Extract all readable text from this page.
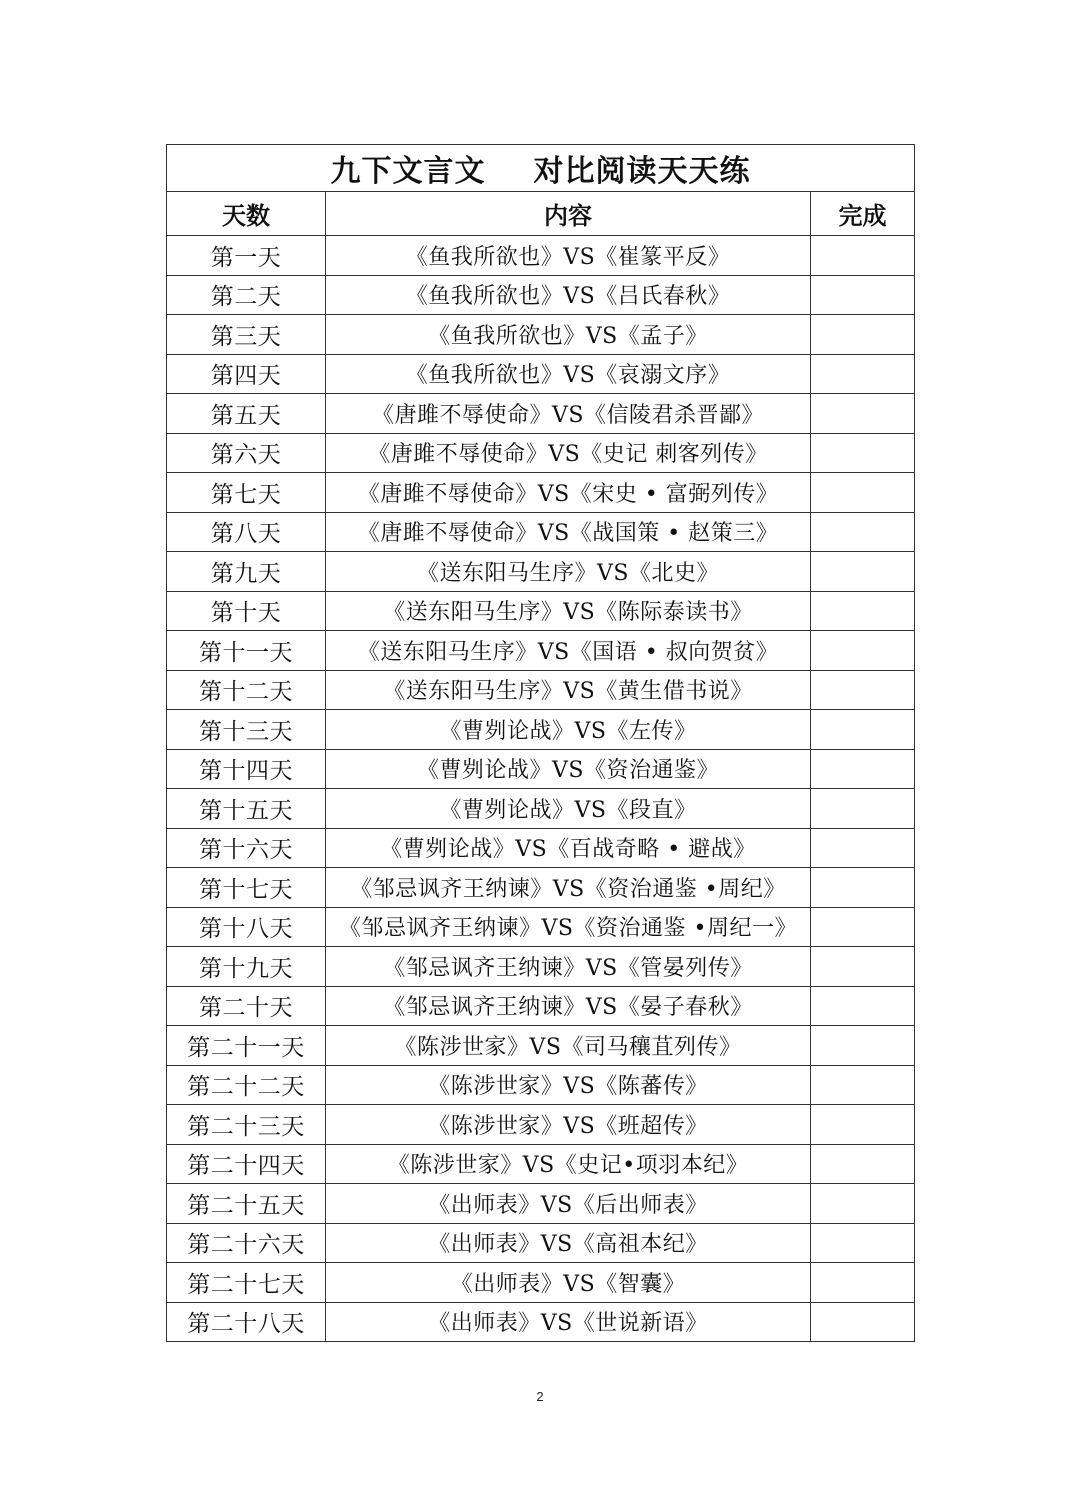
九下文言文 对比阅读天天练		
天数	内容	完成
第一天	《鱼我所欲也》VS《崔篆平反》	
第二天	《鱼我所欲也》VS《吕氏春秋》	
第三天	《鱼我所欲也》VS《孟子》	
第四天	《鱼我所欲也》VS《哀溺文序》	
第五天	《唐雎不辱使命》VS《信陵君杀晋鄙》	
第六天	《唐雎不辱使命》VS《史记 刺客列传》	
第七天	《唐雎不辱使命》VS《宋史 • 富弼列传》	
第八天	《唐雎不辱使命》VS《战国策 • 赵策三》	
第九天	《送东阳马生序》VS《北史》	
第十天	《送东阳马生序》VS《陈际泰读书》	
第十一天	《送东阳马生序》VS《国语 • 叔向贺贫》	
第十二天	《送东阳马生序》VS《黄生借书说》	
第十三天	《曹刿论战》VS《左传》	
第十四天	《曹刿论战》VS《资治通鉴》	
第十五天	《曹刿论战》VS《段直》	
第十六天	《曹刿论战》VS《百战奇略 • 避战》	
第十七天	《邹忌讽齐王纳谏》VS《资治通鉴 •周纪》	
第十八天	《邹忌讽齐王纳谏》VS《资治通鉴 •周纪一》	
第十九天	《邹忌讽齐王纳谏》VS《管晏列传》	
第二十天	《邹忌讽齐王纳谏》VS《晏子春秋》	
第二十一天	《陈涉世家》VS《司马穰苴列传》	
第二十二天	《陈涉世家》VS《陈蕃传》	
第二十三天	《陈涉世家》VS《班超传》	
第二十四天	《陈涉世家》VS《史记•项羽本纪》	
第二十五天	《出师表》VS《后出师表》	
第二十六天	《出师表》VS《高祖本纪》	
第二十七天	《出师表》VS《智囊》	
第二十八天	《出师表》VS《世说新语》	
2
